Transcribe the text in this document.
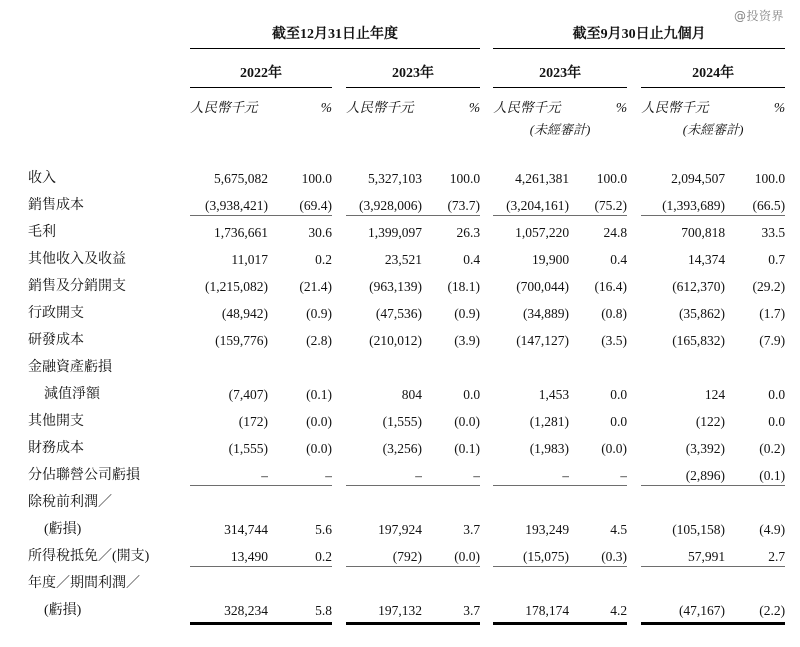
@投资界
	截至12月31日止年度						截至9月30日止九個月				
	2022年			2023年			2023年			2024年	
	人民幣千元	%		人民幣千元	%		人民幣千元	%		人民幣千元	%
							(未經審計)			(未經審計)	
收入	5,675,082	100.0		5,327,103	100.0		4,261,381	100.0		2,094,507	100.0
銷售成本	(3,938,421)	(69.4)		(3,928,006)	(73.7)		(3,204,161)	(75.2)		(1,393,689)	(66.5)
毛利	1,736,661	30.6		1,399,097	26.3		1,057,220	24.8		700,818	33.5
其他收入及收益	11,017	0.2		23,521	0.4		19,900	0.4		14,374	0.7
銷售及分銷開支	(1,215,082)	(21.4)		(963,139)	(18.1)		(700,044)	(16.4)		(612,370)	(29.2)
行政開支	(48,942)	(0.9)		(47,536)	(0.9)		(34,889)	(0.8)		(35,862)	(1.7)
研發成本	(159,776)	(2.8)		(210,012)	(3.9)		(147,127)	(3.5)		(165,832)	(7.9)
金融資產虧損											
減值淨額	(7,407)	(0.1)		804	0.0		1,453	0.0		124	0.0
其他開支	(172)	(0.0)		(1,555)	(0.0)		(1,281)	0.0		(122)	0.0
財務成本	(1,555)	(0.0)		(3,256)	(0.1)		(1,983)	(0.0)		(3,392)	(0.2)
分佔聯營公司虧損	–	–		–	–		–	–		(2,896)	(0.1)
除稅前利潤／											
(虧損)	314,744	5.6		197,924	3.7		193,249	4.5		(105,158)	(4.9)
所得稅抵免／(開支)	13,490	0.2		(792)	(0.0)		(15,075)	(0.3)		57,991	2.7
年度／期間利潤／											
(虧損)	328,234	5.8		197,132	3.7		178,174	4.2		(47,167)	(2.2)
